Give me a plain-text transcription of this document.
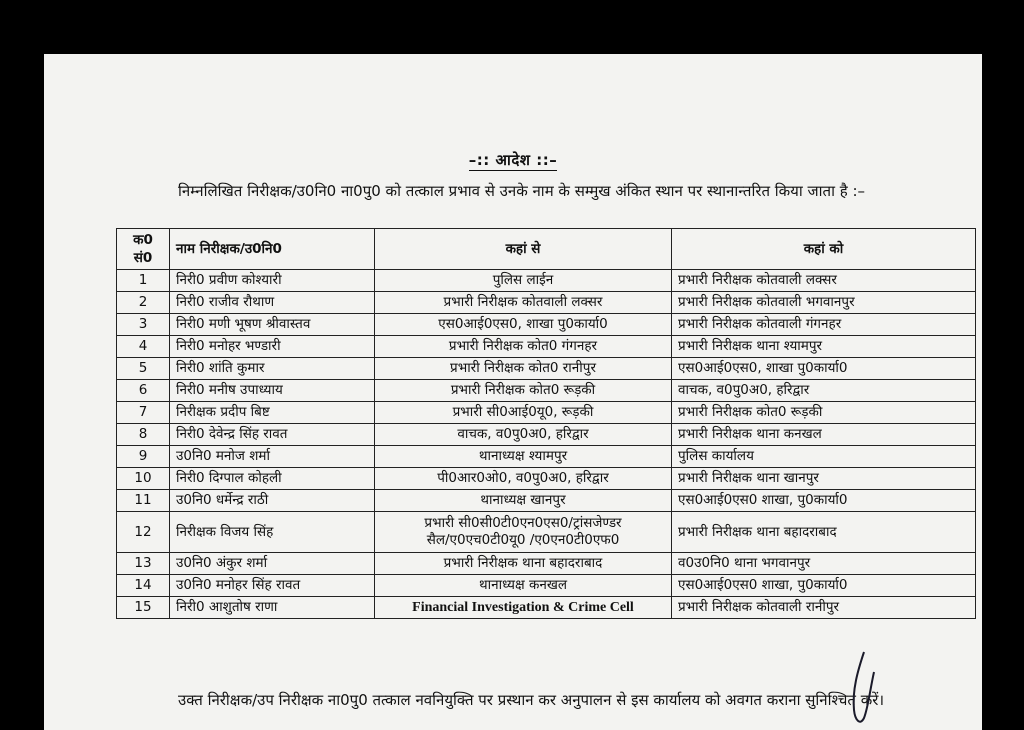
–:: आदेश ::–
निम्नलिखित निरीक्षक/उ0नि0 ना0पु0 को तत्काल प्रभाव से उनके नाम के सम्मुख अंकित स्थान पर स्थानान्तरित किया जाता है :–
क0 सं0	नाम निरीक्षक/उ0नि0	कहां से	कहां को
1	निरी0 प्रवीण कोश्यारी	पुलिस लाईन	प्रभारी निरीक्षक कोतवाली लक्सर
2	निरी0 राजीव रौथाण	प्रभारी निरीक्षक कोतवाली लक्सर	प्रभारी निरीक्षक कोतवाली भगवानपुर
3	निरी0 मणी भूषण श्रीवास्तव	एस0आई0एस0, शाखा पु0कार्या0	प्रभारी निरीक्षक कोतवाली गंगनहर
4	निरी0 मनोहर भण्डारी	प्रभारी निरीक्षक कोत0 गंगनहर	प्रभारी निरीक्षक थाना श्यामपुर
5	निरी0 शांति कुमार	प्रभारी निरीक्षक कोत0 रानीपुर	एस0आई0एस0, शाखा पु0कार्या0
6	निरी0 मनीष उपाध्याय	प्रभारी निरीक्षक कोत0 रूड़की	वाचक, व0पु0अ0, हरिद्वार
7	निरीक्षक प्रदीप बिष्ट	प्रभारी सी0आई0यू0, रूड़की	प्रभारी निरीक्षक कोत0 रूड़की
8	निरी0 देवेन्द्र सिंह रावत	वाचक, व0पु0अ0, हरिद्वार	प्रभारी निरीक्षक थाना कनखल
9	उ0नि0 मनोज शर्मा	थानाध्यक्ष श्यामपुर	पुलिस कार्यालय
10	निरी0 दिग्पाल कोहली	पी0आर0ओ0, व0पु0अ0, हरिद्वार	प्रभारी निरीक्षक थाना खानपुर
11	उ0नि0 धर्मेन्द्र राठी	थानाध्यक्ष खानपुर	एस0आई0एस0 शाखा, पु0कार्या0
12	निरीक्षक विजय सिंह	प्रभारी सी0सी0टी0एन0एस0/ट्रांसजेण्डर
सैल/ए0एच0टी0यू0 /ए0एन0टी0एफ0	प्रभारी निरीक्षक थाना बहादराबाद
13	उ0नि0 अंकुर शर्मा	प्रभारी निरीक्षक थाना बहादराबाद	व0उ0नि0 थाना भगवानपुर
14	उ0नि0 मनोहर सिंह रावत	थानाध्यक्ष कनखल	एस0आई0एस0 शाखा, पु0कार्या0
15	निरी0 आशुतोष राणा	Financial Investigation & Crime Cell	प्रभारी निरीक्षक कोतवाली रानीपुर
उक्त निरीक्षक/उप निरीक्षक ना0पु0 तत्काल नवनियुक्ति पर प्रस्थान कर अनुपालन से इस कार्यालय को अवगत कराना सुनिश्चित करें।
